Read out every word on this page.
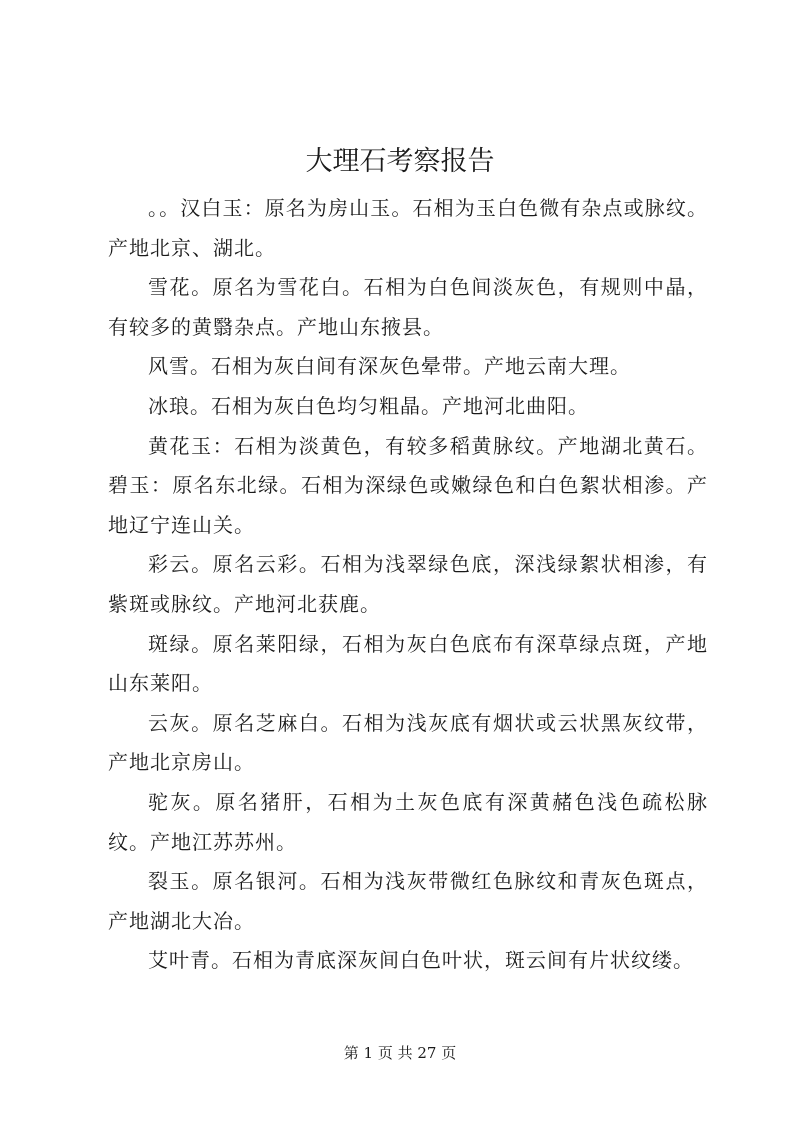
大理石考察报告

。。汉白玉：原名为房山玉。石相为玉白色微有杂点或脉纹。产地北京、湖北。

雪花。原名为雪花白。石相为白色间淡灰色，有规则中晶，有较多的黄翳杂点。产地山东掖县。

风雪。石相为灰白间有深灰色晕带。产地云南大理。

冰琅。石相为灰白色均匀粗晶。产地河北曲阳。

黄花玉：石相为淡黄色，有较多稻黄脉纹。产地湖北黄石。碧玉：原名东北绿。石相为深绿色或嫩绿色和白色絮状相渗。产地辽宁连山关。

彩云。原名云彩。石相为浅翠绿色底，深浅绿絮状相渗，有紫斑或脉纹。产地河北获鹿。

斑绿。原名莱阳绿，石相为灰白色底布有深草绿点斑，产地山东莱阳。

云灰。原名芝麻白。石相为浅灰底有烟状或云状黑灰纹带，产地北京房山。

驼灰。原名猪肝，石相为土灰色底有深黄赭色浅色疏松脉纹。产地江苏苏州。

裂玉。原名银河。石相为浅灰带微红色脉纹和青灰色斑点，产地湖北大冶。

艾叶青。石相为青底深灰间白色叶状，斑云间有片状纹缕。

第 1 页 共 27 页
